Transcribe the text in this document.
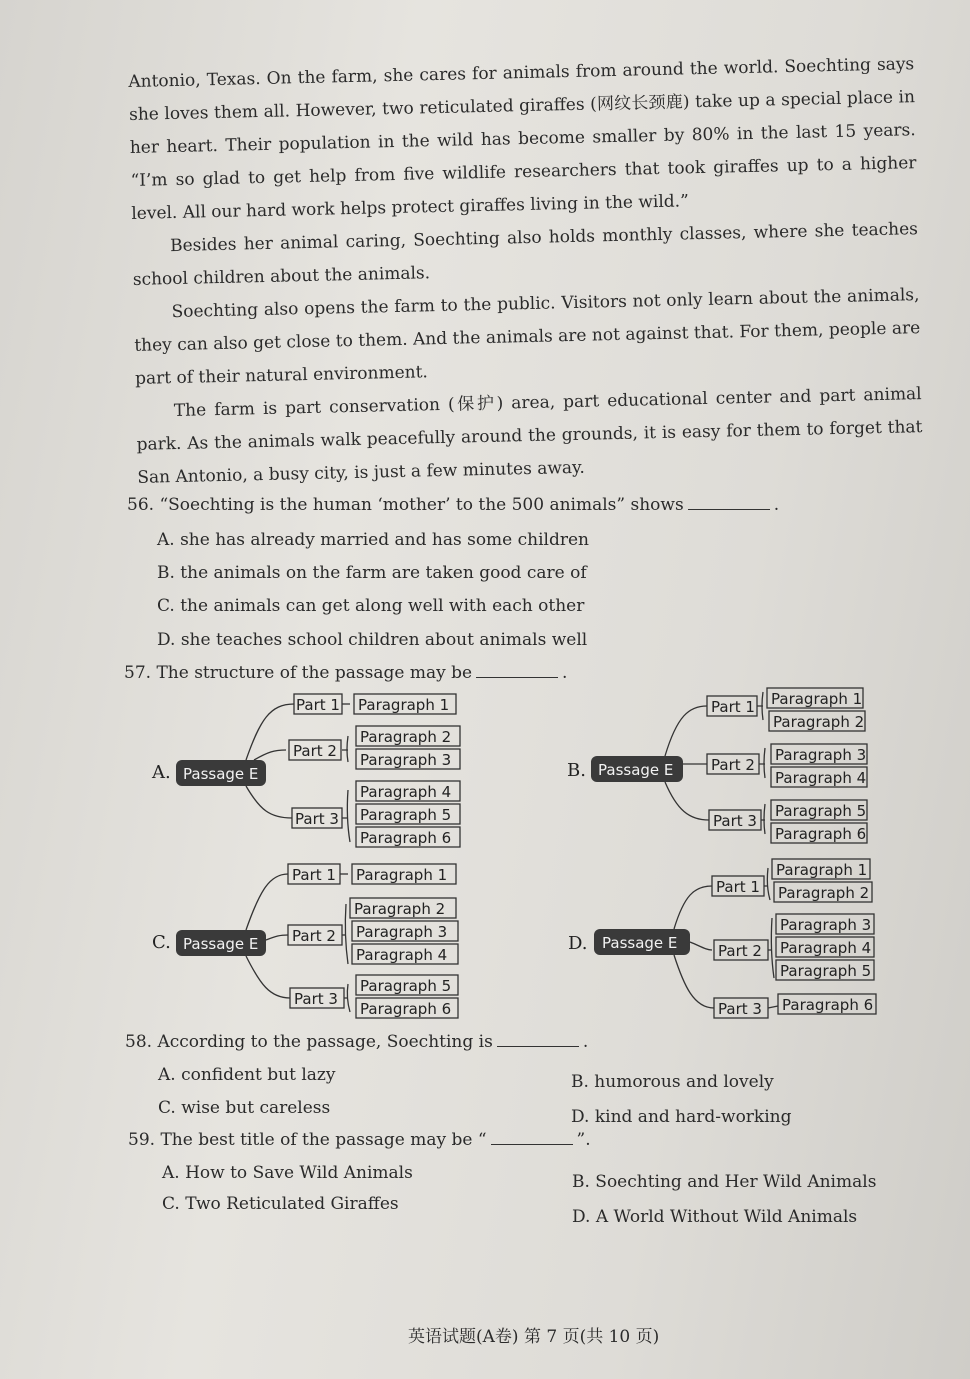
Antonio, Texas. On the farm, she cares for animals from around the world. Soechting says she loves them all. However, two reticulated giraffes (网纹长颈鹿) take up a special place in her heart. Their population in the wild has become smaller by 80% in the last 15 years. “I’m so glad to get help from five wildlife researchers that took giraffes up to a higher level. All our hard work helps protect giraffes living in the wild.”

Besides her animal caring, Soechting also holds monthly classes, where she teaches school children about the animals.

Soechting also opens the farm to the public. Visitors not only learn about the animals, they can also get close to them. And the animals are not against that. For them, people are part of their natural environment.

The farm is part conservation (保护) area, part educational center and part animal park. As the animals walk peacefully around the grounds, it is easy for them to forget that San Antonio, a busy city, is just a few minutes away.

56. “Soechting is the human ‘mother’ to the 500 animals” shows	.
A. she has already married and has some children
B. the animals on the farm are taken good care of
C. the animals can get along well with each other
D. she teaches school children about animals well
57. The structure of the passage may be	.
A. Passage E
Part 1
Part 2
Part 3
Paragraph 1
Paragraph 2
Paragraph 3
Paragraph 4
Paragraph 5
Paragraph 6
B. Passage E
Part 1
Part 2
Part 3
Paragraph 1
Paragraph 2
Paragraph 3
Paragraph 4
Paragraph 5
Paragraph 6
C. Passage E
Part 1
Part 2
Part 3
Paragraph 1
Paragraph 2
Paragraph 3
Paragraph 4
Paragraph 5
Paragraph 6
D. Passage E
Part 1
Part 2
Part 3
Paragraph 1
Paragraph 2
Paragraph 3
Paragraph 4
Paragraph 5
Paragraph 6
58. According to the passage, Soechting is	.
A. confident but lazy	B. humorous and lovely
C. wise but careless	D. kind and hard-working
59. The best title of the passage may be “	”.
A. How to Save Wild Animals	B. Soechting and Her Wild Animals
C. Two Reticulated Giraffes
D. A World Without Wild Animals
英语试题(A卷) 第 7 页(共 10 页)
